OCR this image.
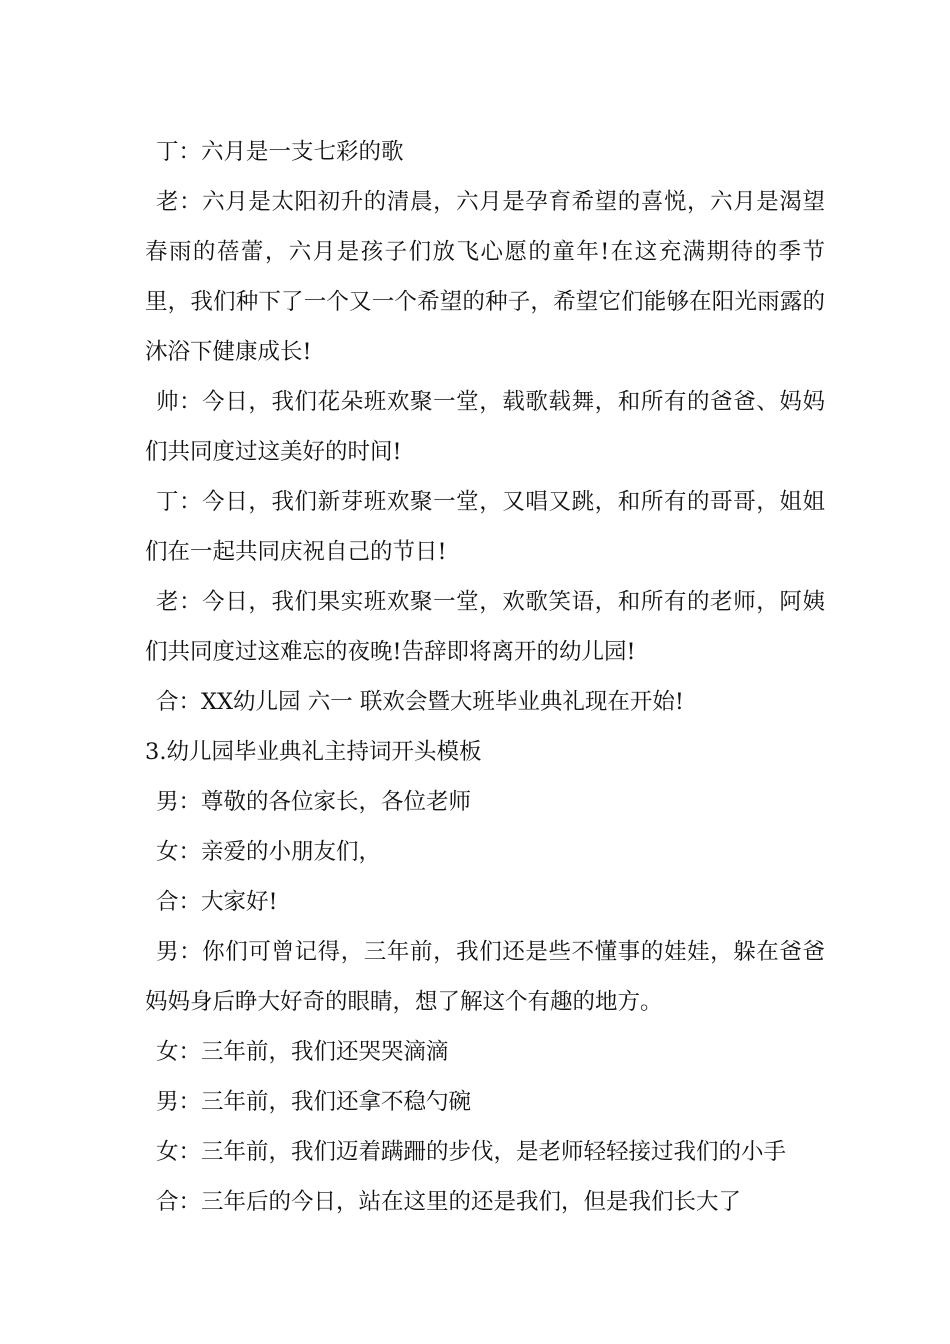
丁：六月是一支七彩的歌

老：六月是太阳初升的清晨，六月是孕育希望的喜悦，六月是渴望春雨的蓓蕾，六月是孩子们放飞心愿的童年!在这充满期待的季节里，我们种下了一个又一个希望的种子，希望它们能够在阳光雨露的沐浴下健康成长!

帅：今日，我们花朵班欢聚一堂，载歌载舞，和所有的爸爸、妈妈们共同度过这美好的时间!

丁：今日，我们新芽班欢聚一堂，又唱又跳，和所有的哥哥，姐姐们在一起共同庆祝自己的节日!

老：今日，我们果实班欢聚一堂，欢歌笑语，和所有的老师，阿姨们共同度过这难忘的夜晚!告辞即将离开的幼儿园!

合：XX幼儿园 六一 联欢会暨大班毕业典礼现在开始!

3.幼儿园毕业典礼主持词开头模板

男：尊敬的各位家长，各位老师

女：亲爱的小朋友们，

合：大家好!

男：你们可曾记得，三年前，我们还是些不懂事的娃娃，躲在爸爸妈妈身后睁大好奇的眼睛，想了解这个有趣的地方。

女：三年前，我们还哭哭滴滴

男：三年前，我们还拿不稳勺碗

女：三年前，我们迈着蹒跚的步伐，是老师轻轻接过我们的小手

合：三年后的今日，站在这里的还是我们，但是我们长大了
